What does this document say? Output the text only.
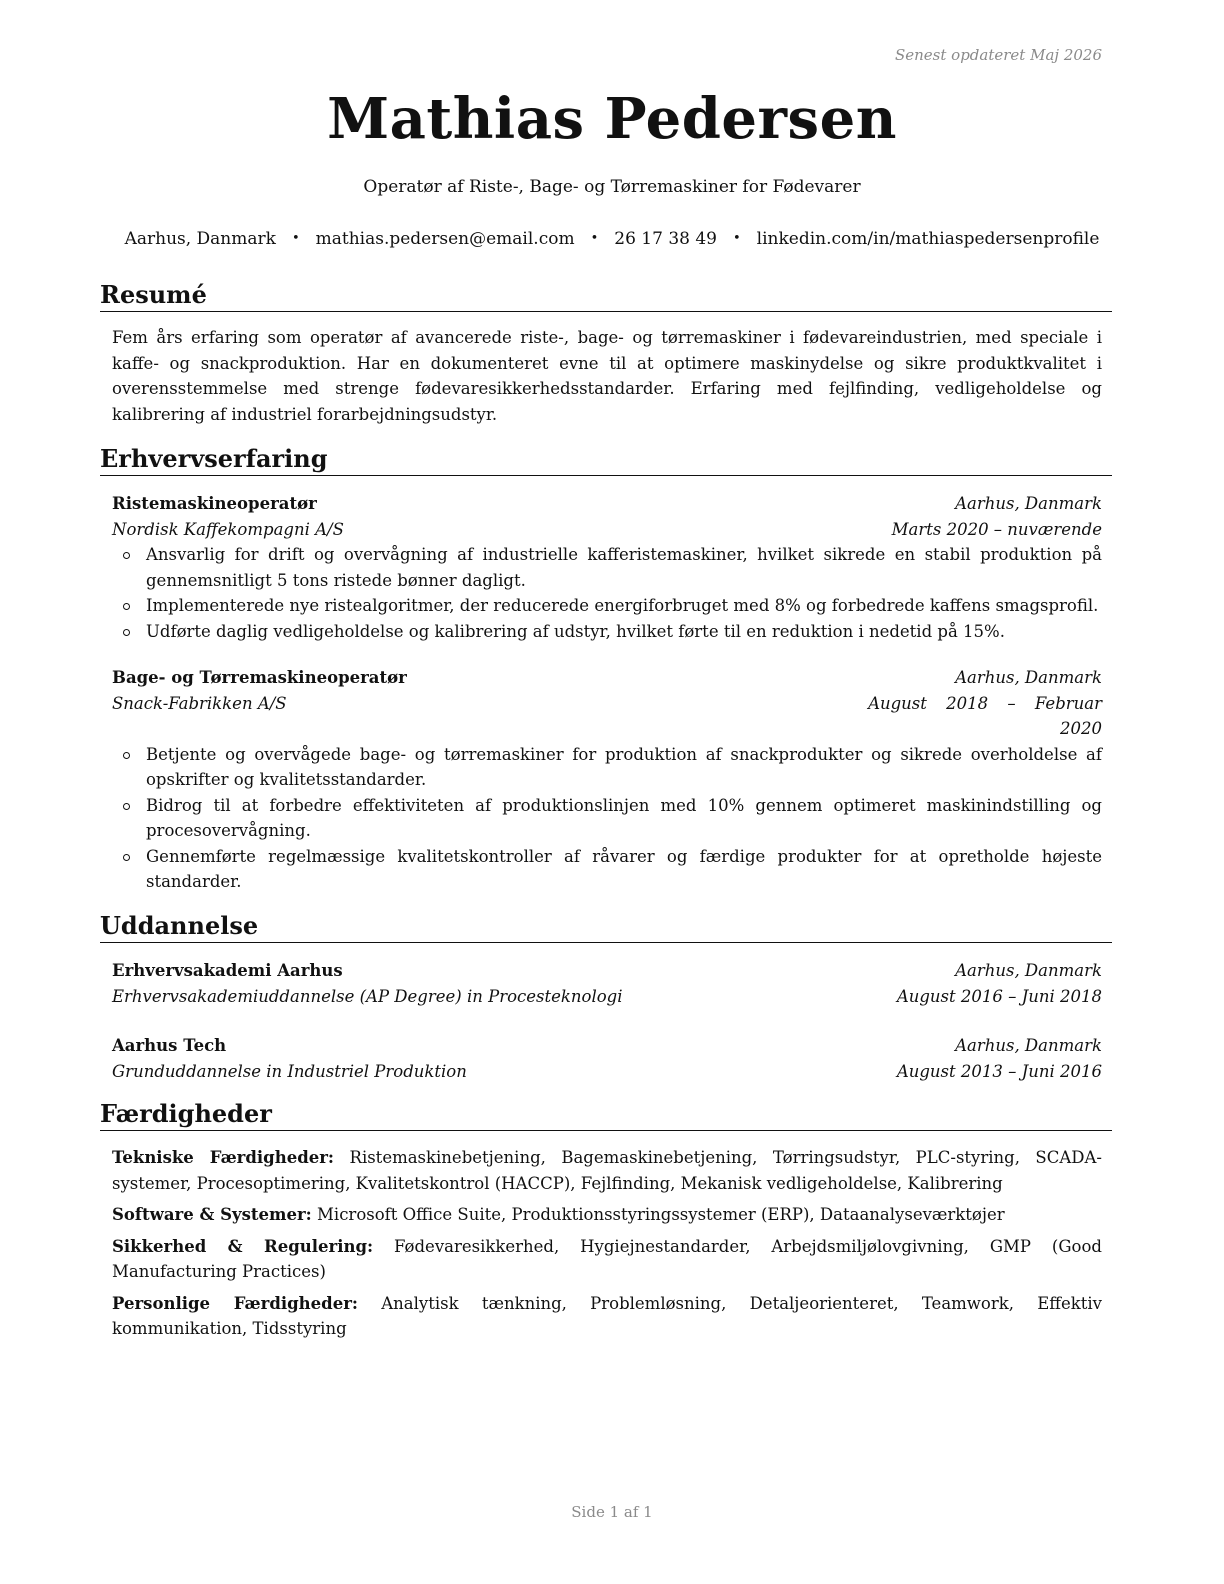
Senest opdateret Maj 2026
Mathias Pedersen
Operatør af Riste-, Bage- og Tørremaskiner for Fødevarer
Aarhus, Danmark • mathias.pedersen@email.com • 26 17 38 49 • linkedin.com/in/mathiaspedersenprofile
Resumé
Fem års erfaring som operatør af avancerede riste-, bage- og tørremaskiner i fødevareindustrien, med speciale i kaffe- og snackproduktion. Har en dokumenteret evne til at optimere maskinydelse og sikre produktkvalitet i overensstemmelse med strenge fødevaresikkerhedsstandarder. Erfaring med fejlfinding, vedligeholdelse og kalibrering af industriel forarbejdningsudstyr.
Erhvervserfaring
Ristemaskineoperatør	Aarhus, Danmark
Nordisk Kaffekompagni A/S	Marts 2020 – nuværende
Ansvarlig for drift og overvågning af industrielle kafferistemaskiner, hvilket sikrede en stabil produktion på gennemsnitligt 5 tons ristede bønner dagligt.
Implementerede nye ristealgoritmer, der reducerede energiforbruget med 8% og forbedrede kaffens smagsprofil.
Udførte daglig vedligeholdelse og kalibrering af udstyr, hvilket førte til en reduktion i nedetid på 15%.
Bage- og Tørremaskineoperatør	Aarhus, Danmark
Snack-Fabrikken A/S	August 2018 – Februar
2020
Betjente og overvågede bage- og tørremaskiner for produktion af snackprodukter og sikrede overholdelse af opskrifter og kvalitetsstandarder.
Bidrog til at forbedre effektiviteten af produktionslinjen med 10% gennem optimeret maskinindstilling og procesovervågning.
Gennemførte regelmæssige kvalitetskontroller af råvarer og færdige produkter for at opretholde højeste standarder.
Uddannelse
Erhvervsakademi Aarhus	Aarhus, Danmark
Erhvervsakademiuddannelse (AP Degree) in Procesteknologi	August 2016 – Juni 2018
Aarhus Tech	Aarhus, Danmark
Grunduddannelse in Industriel Produktion	August 2013 – Juni 2016
Færdigheder

Tekniske Færdigheder: Ristemaskinebetjening, Bagemaskinebetjening, Tørringsudstyr, PLC-styring, SCADA-systemer, Procesoptimering, Kvalitetskontrol (HACCP), Fejlfinding, Mekanisk vedligeholdelse, Kalibrering

Software & Systemer: Microsoft Office Suite, Produktionsstyringssystemer (ERP), Dataanalyseværktøjer

Sikkerhed & Regulering: Fødevaresikkerhed, Hygiejnestandarder, Arbejdsmiljølovgivning, GMP (Good Manufacturing Practices)

Personlige Færdigheder: Analytisk tænkning, Problemløsning, Detaljeorienteret, Teamwork, Effektiv kommunikation, Tidsstyring

Side 1 af 1
